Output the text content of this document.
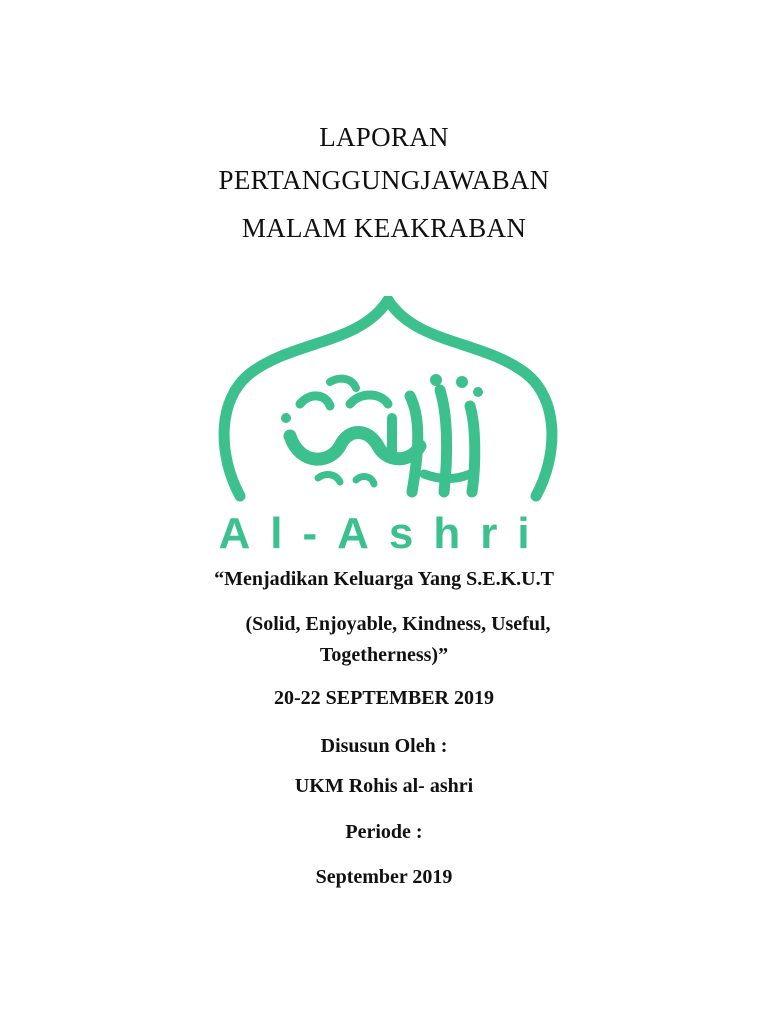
LAPORAN
PERTANGGUNGJAWABAN
MALAM KEAKRABAN
Al-Ashri

“Menjadikan Keluarga Yang S.E.K.U.T

(Solid, Enjoyable, Kindness, Useful,

Togetherness)”

20-22 SEPTEMBER 2019

Disusun Oleh :

UKM Rohis al- ashri

Periode :

September 2019
